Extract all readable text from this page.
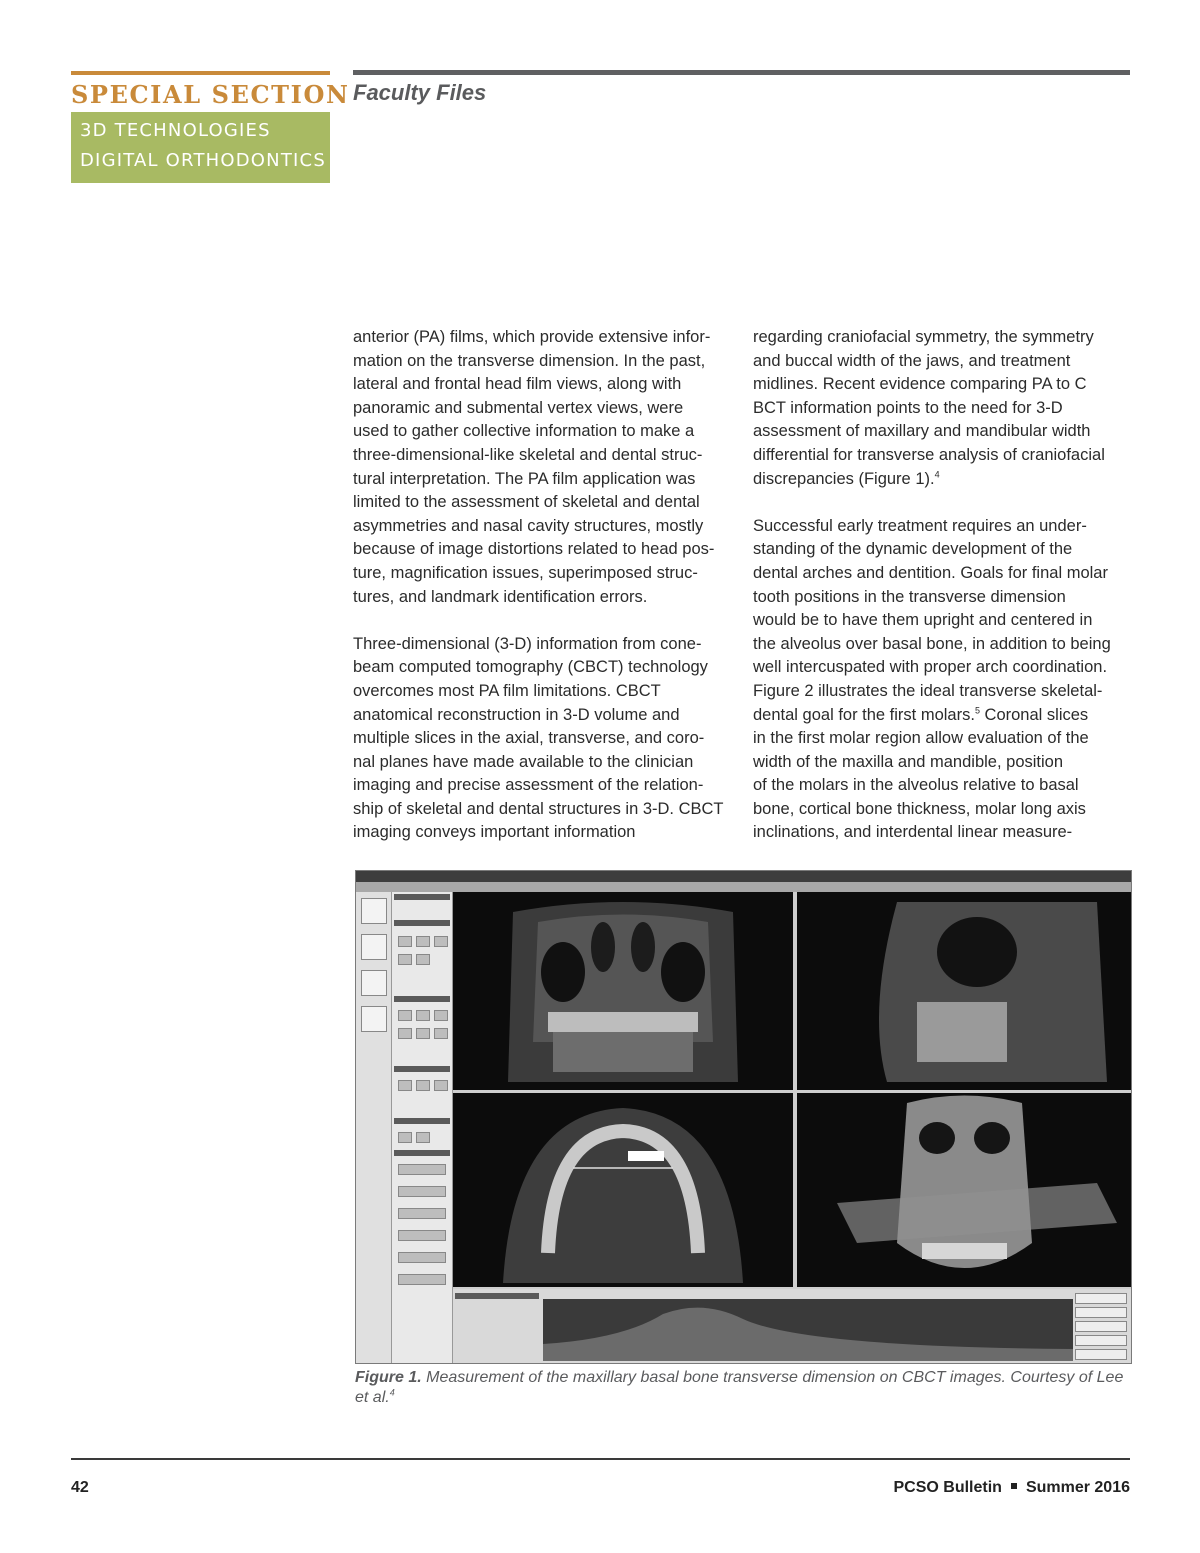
SPECIAL SECTION
3D TECHNOLOGIES
DIGITAL ORTHODONTICS
Faculty Files
anterior (PA) films, which provide extensive infor-
mation on the transverse dimension. In the past,
lateral and frontal head film views, along with
panoramic and submental vertex views, were
used to gather collective information to make a
three-dimensional-like skeletal and dental struc-
tural interpretation. The PA film application was
limited to the assessment of skeletal and dental
asymmetries and nasal cavity structures, mostly
because of image distortions related to head pos-
ture, magnification issues, superimposed struc-
tures, and landmark identification errors.
Three-dimensional (3-D) information from cone-
beam computed tomography (CBCT) technology
overcomes most PA film limitations. CBCT
anatomical reconstruction in 3-D volume and
multiple slices in the axial, transverse, and coro-
nal planes have made available to the clinician
imaging and precise assessment of the relation-
ship of skeletal and dental structures in 3-D. CBCT
imaging conveys important information
regarding craniofacial symmetry, the symmetry
and buccal width of the jaws, and treatment
midlines. Recent evidence comparing PA to C
BCT information points to the need for 3-D
assessment of maxillary and mandibular width
differential for transverse analysis of craniofacial
discrepancies (Figure 1).$^4$
Successful early treatment requires an under-
standing of the dynamic development of the
dental arches and dentition. Goals for final molar
tooth positions in the transverse dimension
would be to have them upright and centered in
the alveolus over basal bone, in addition to being
well intercuspated with proper arch coordination.
Figure 2 illustrates the ideal transverse skeletal-
dental goal for the first molars.$^5$ Coronal slices
in the first molar region allow evaluation of the
width of the maxilla and mandible, position
of the molars in the alveolus relative to basal
bone, cortical bone thickness, molar long axis
inclinations, and interdental linear measure-
Figure 1. Measurement of the maxillary basal bone transverse dimension on CBCT images. Courtesy of Lee et al.$^4$
42	PCSO Bulletin Summer 2016
